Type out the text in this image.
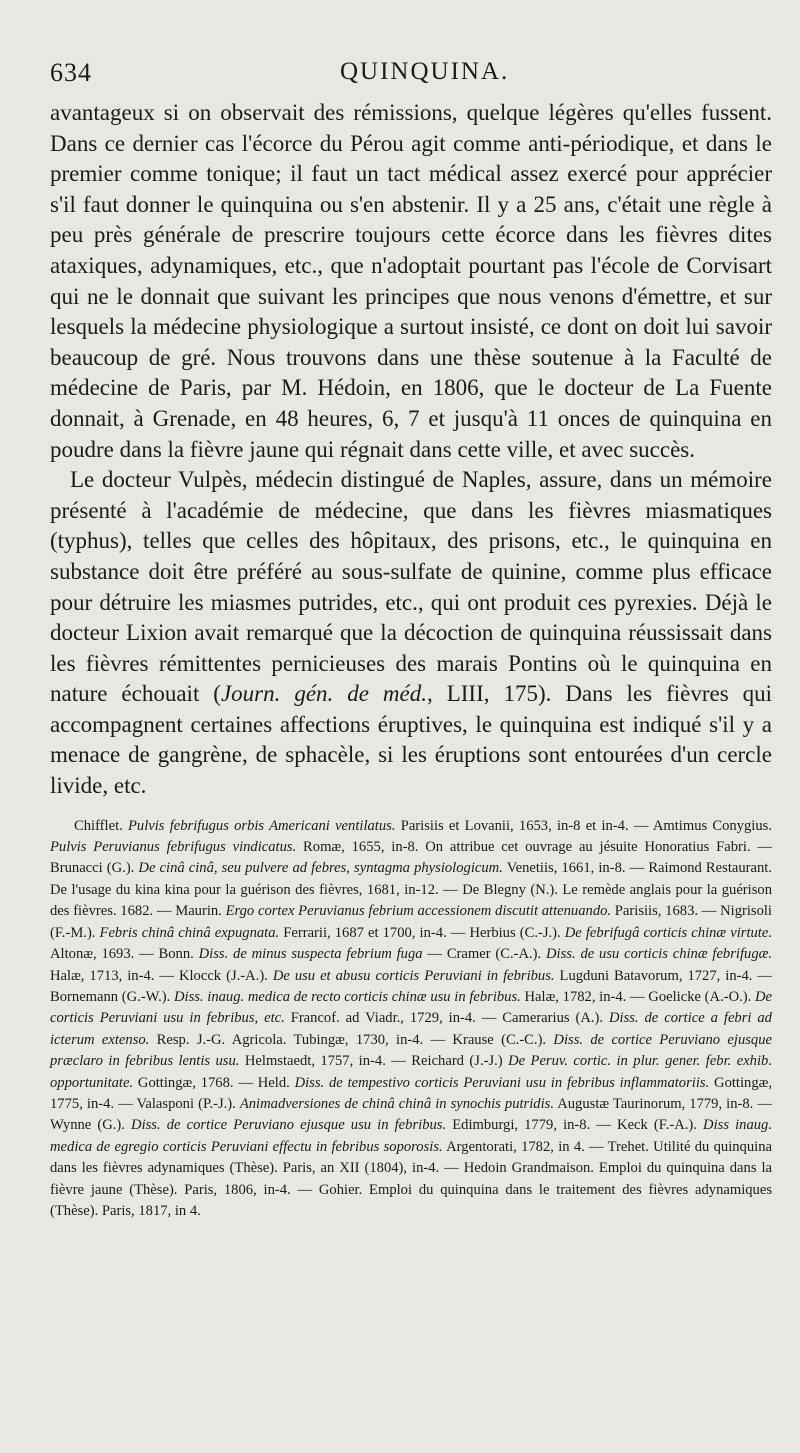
634	QUINQUINA.

avantageux si on observait des rémissions, quelque légères qu'elles fussent. Dans ce dernier cas l'écorce du Pérou agit comme anti-périodique, et dans le premier comme tonique; il faut un tact médical assez exercé pour apprécier s'il faut donner le quinquina ou s'en abstenir. Il y a 25 ans, c'était une règle à peu près générale de prescrire toujours cette écorce dans les fièvres dites ataxiques, adynamiques, etc., que n'adoptait pourtant pas l'école de Corvisart qui ne le donnait que suivant les principes que nous venons d'émettre, et sur lesquels la médecine physiologique a surtout insisté, ce dont on doit lui savoir beaucoup de gré. Nous trouvons dans une thèse soutenue à la Faculté de médecine de Paris, par M. Hédoin, en 1806, que le docteur de La Fuente donnait, à Grenade, en 48 heures, 6, 7 et jusqu'à 11 onces de quinquina en poudre dans la fièvre jaune qui régnait dans cette ville, et avec succès.

Le docteur Vulpès, médecin distingué de Naples, assure, dans un mémoire présenté à l'académie de médecine, que dans les fièvres miasmatiques (typhus), telles que celles des hôpitaux, des prisons, etc., le quinquina en substance doit être préféré au sous-sulfate de quinine, comme plus efficace pour détruire les miasmes putrides, etc., qui ont produit ces pyrexies. Déjà le docteur Lixion avait remarqué que la décoction de quinquina réussissait dans les fièvres rémittentes pernicieuses des marais Pontins où le quinquina en nature échouait (Journ. gén. de méd., LIII, 175). Dans les fièvres qui accompagnent certaines affections éruptives, le quinquina est indiqué s'il y a menace de gangrène, de sphacèle, si les éruptions sont entourées d'un cercle livide, etc.

Chifflet. Pulvis febrifugus orbis Americani ventilatus. Parisiis et Lovanii, 1653, in-8 et in-4. — Amtimus Conygius. Pulvis Peruvianus febrifugus vindicatus. Romæ, 1655, in-8. On attribue cet ouvrage au jésuite Honoratius Fabri. — Brunacci (G.). De cinâ cinâ, seu pulvere ad febres, syntagma physiologicum. Venetiis, 1661, in-8. — Raimond Restaurant. De l'usage du kina kina pour la guérison des fièvres, 1681, in-12. — De Blegny (N.). Le remède anglais pour la guérison des fièvres. 1682. — Maurin. Ergo cortex Peruvianus febrium accessionem discutit attenuando. Parisiis, 1683. — Nigrisoli (F.-M.). Febris chinâ chinâ expugnata. Ferrarii, 1687 et 1700, in-4. — Herbius (C.-J.). De febrifugâ corticis chinæ virtute. Altonæ, 1693. — Bonn. Diss. de minus suspecta febrium fuga — Cramer (C.-A.). Diss. de usu corticis chinæ febrifugæ. Halæ, 1713, in-4. — Klocck (J.-A.). De usu et abusu corticis Peruviani in febribus. Lugduni Batavorum, 1727, in-4. — Bornemann (G.-W.). Diss. inaug. medica de recto corticis chinæ usu in febribus. Halæ, 1782, in-4. — Goelicke (A.-O.). De corticis Peruviani usu in febribus, etc. Francof. ad Viadr., 1729, in-4. — Camerarius (A.). Diss. de cortice a febri ad icterum extenso. Resp. J.-G. Agricola. Tubingæ, 1730, in-4. — Krause (C.-C.). Diss. de cortice Peruviano ejusque præclaro in febribus lentis usu. Helmstaedt, 1757, in-4. — Reichard (J.-J.) De Peruv. cortic. in plur. gener. febr. exhib. opportunitate. Gottingæ, 1768. — Held. Diss. de tempestivo corticis Peruviani usu in febribus inflammatoriis. Gottingæ, 1775, in-4. — Valasponi (P.-J.). Animadversiones de chinâ chinâ in synochis putridis. Augustæ Taurinorum, 1779, in-8. — Wynne (G.). Diss. de cortice Peruviano ejusque usu in febribus. Edimburgi, 1779, in-8. — Keck (F.-A.). Diss inaug. medica de egregio corticis Peruviani effectu in febribus soporosis. Argentorati, 1782, in 4. — Trehet. Utilité du quinquina dans les fièvres adynamiques (Thèse). Paris, an XII (1804), in-4. — Hedoin Grandmaison. Emploi du quinquina dans la fièvre jaune (Thèse). Paris, 1806, in-4. — Gohier. Emploi du quinquina dans le traitement des fièvres adynamiques (Thèse). Paris, 1817, in 4.
